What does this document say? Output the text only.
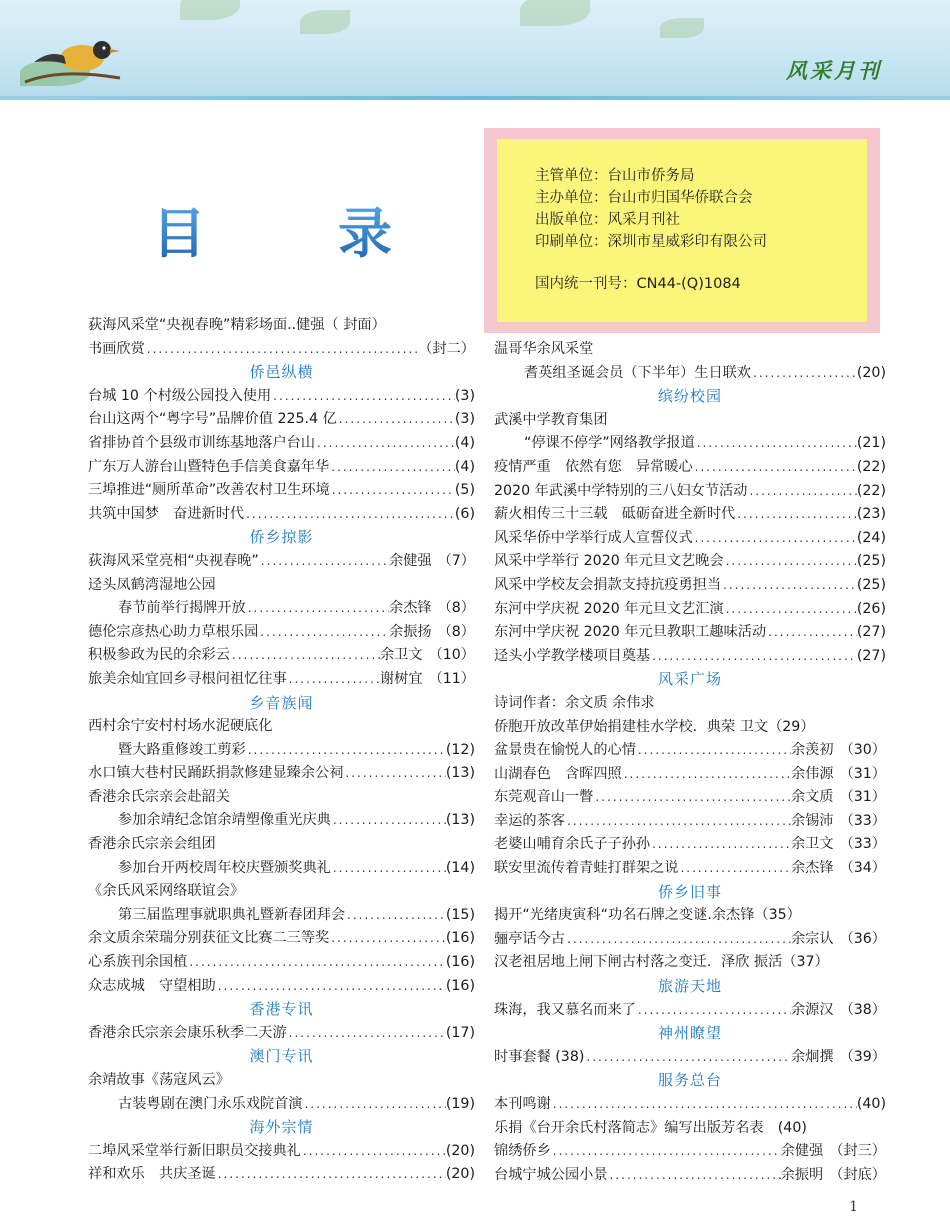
风采月刊
目 录
主管单位：台山市侨务局
主办单位：台山市归国华侨联合会
出版单位：风采月刊社
印刷单位：深圳市星威彩印有限公司
国内统一刊号：CN44-(Q)1084
荻海风采堂“央视春晚”精彩场面..健强（ 封面）
书画欣赏 .....	（封二）
侨邑纵横
台城 10 个村级公园投入使用 .....	(3)
台山这两个“粤字号”品牌价值 225.4 亿 .....	(3)
省排协首个县级市训练基地落户台山 .....	(4)
广东万人游台山暨特色手信美食嘉年华 .....	(4)
三埠推进“厕所革命”改善农村卫生环境 .....	(5)
共筑中国梦　奋进新时代 .....	(6)
侨乡掠影
荻海风采堂亮相“央视春晚” .....	余健强 （7）
迳头凤鹤湾湿地公园
春节前举行揭牌开放 .....	余杰锋 （8）
德伦宗彦热心助力草根乐园 .....	余振扬 （8）
积极参政为民的余彩云 .....	余卫文 （10）
旅美余灿宜回乡寻根问祖忆往事 .....	谢树宜 （11）
乡音族闻
西村余宁安村村场水泥硬底化
暨大路重修竣工剪彩 .....	(12)
水口镇大巷村民踊跃捐款修建显臻余公祠 .....	(13)
香港余氏宗亲会赴韶关
参加余靖纪念馆余靖塑像重光庆典 .....	(13)
香港余氏宗亲会组团
参加台开两校周年校庆暨颁奖典礼 .....	(14)
《余氏风采网络联谊会》
第三届监理事就职典礼暨新春团拜会 .....	(15)
余文质余荣瑞分别获征文比赛二三等奖 .....	(16)
心系族刊余国植 .....	(16)
众志成城　守望相助 .....	(16)
香港专讯
香港余氏宗亲会康乐秋季二天游 .....	(17)
澳门专讯
余靖故事《荡寇风云》
古装粤剧在澳门永乐戏院首演 .....	(19)
海外宗情
二埠风采堂举行新旧职员交接典礼 .....	(20)
祥和欢乐　共庆圣诞 .....	(20)
温哥华余风采堂
耆英组圣诞会员（下半年）生日联欢 .....	(20)
缤纷校园
武溪中学教育集团
“停课不停学”网络教学报道 .....	(21)
疫情严重　依然有您　异常暖心 .....	(22)
2020 年武溪中学特别的三八妇女节活动 .....	(22)
薪火相传三十三载　砥砺奋进全新时代 .....	(23)
风采华侨中学举行成人宣誓仪式 .....	(24)
风采中学举行 2020 年元旦文艺晚会 .....	(25)
风采中学校友会捐款支持抗疫勇担当 .....	(25)
东河中学庆祝 2020 年元旦文艺汇演 .....	(26)
东河中学庆祝 2020 年元旦教职工趣味活动 .....	(27)
迳头小学教学楼项目奠基 .....	(27)
风采广场
诗词作者：余文质 余伟求
侨胞开放改革伊始捐建桂水学校．典荣 卫文（29）
盆景贵在愉悦人的心情 .....	余羡初 （30）
山湖春色　含晖四照 .....	余伟源 （31）
东莞观音山一瞥 .....	余文质 （31）
幸运的茶客 .....	余锡沛 （33）
老婆山哺育余氏子子孙孙 .....	余卫文 （33）
联安里流传着青蛙打群架之说 .....	余杰锋 （34）
侨乡旧事
揭开“光绪庚寅科“功名石牌之变谜.余杰锋（35）
骊亭话今古 .....	余宗认 （36）
汉老祖居地上闸下闸古村落之变迁．泽欣 振活（37）
旅游天地
珠海，我又慕名而来了 .....	余源汉 （38）
神州瞭望
时事套餐 (38) .....	余炯撰 （39）
服务总台
本刊鸣谢 .....	(40)
乐捐《台开余氏村落简志》编写出版芳名表　(40)
锦绣侨乡 .....	余健强 （封三）
台城宁城公园小景 .....	余振明 （封底）
1
